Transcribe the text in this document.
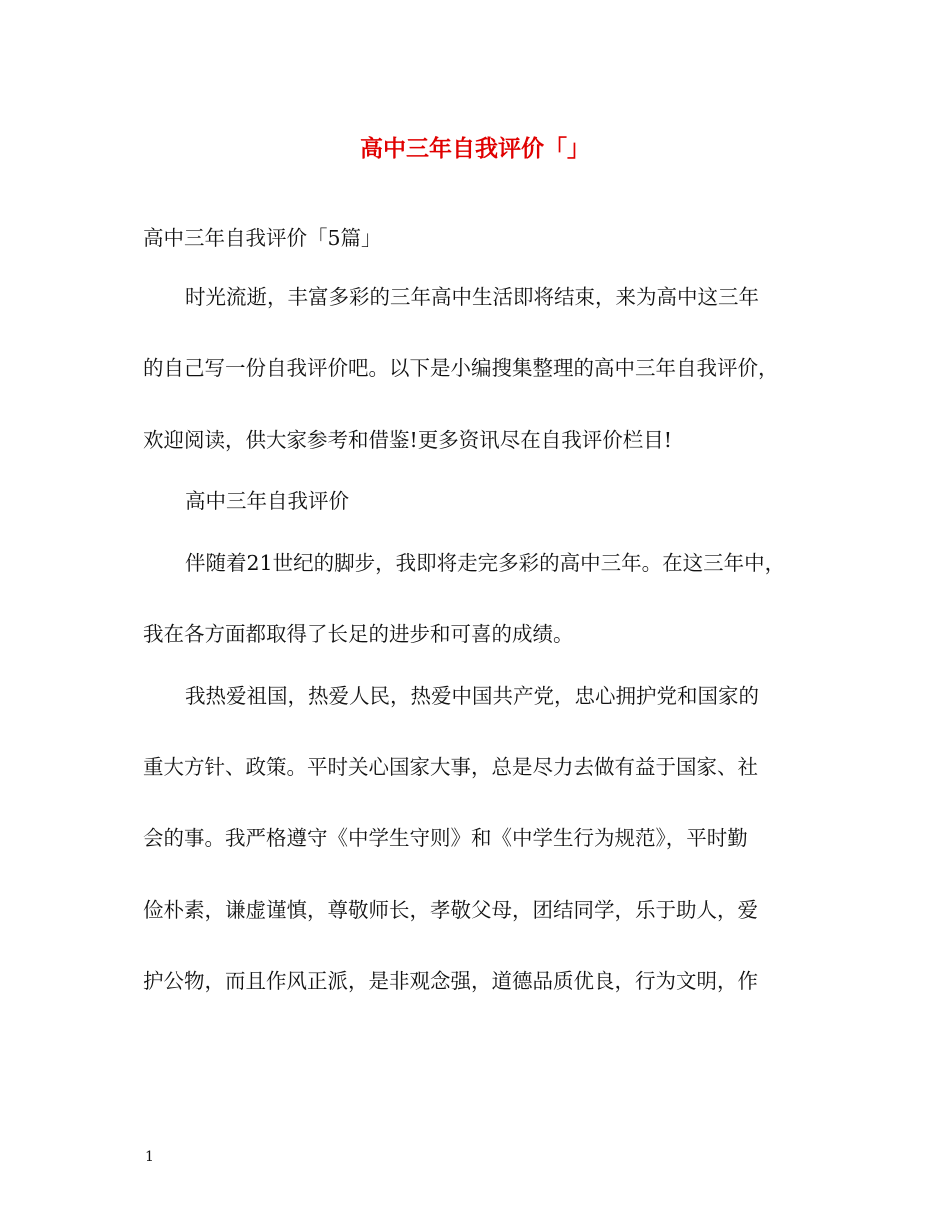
高中三年自我评价「」
高中三年自我评价「5篇」
时光流逝，丰富多彩的三年高中生活即将结束，来为高中这三年
的自己写一份自我评价吧。以下是小编搜集整理的高中三年自我评价，
欢迎阅读，供大家参考和借鉴!更多资讯尽在自我评价栏目!
高中三年自我评价
伴随着21世纪的脚步，我即将走完多彩的高中三年。在这三年中，
我在各方面都取得了长足的进步和可喜的成绩。
我热爱祖国，热爱人民，热爱中国共产党，忠心拥护党和国家的
重大方针、政策。平时关心国家大事，总是尽力去做有益于国家、社
会的事。我严格遵守《中学生守则》和《中学生行为规范》，平时勤
俭朴素，谦虚谨慎，尊敬师长，孝敬父母，团结同学，乐于助人，爱
护公物，而且作风正派，是非观念强，道德品质优良，行为文明，作
1
